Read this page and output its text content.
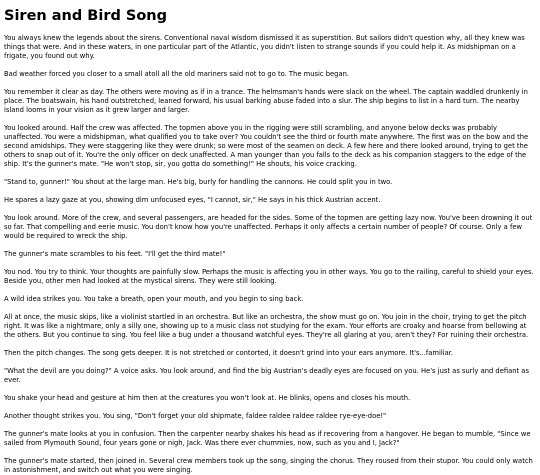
Siren and Bird Song

You always knew the legends about the sirens. Conventional naval wisdom dismissed it as superstition. But sailors didn't question why, all they knew was things that were. And in these waters, in one particular part of the Atlantic, you didn't listen to strange sounds if you could help it. As midshipman on a frigate, you found out why.

Bad weather forced you closer to a small atoll all the old mariners said not to go to. The music began.

You remember it clear as day. The others were moving as if in a trance. The helmsman's hands were slack on the wheel. The captain waddled drunkenly in place. The boatswain, his hand outstretched, leaned forward, his usual barking abuse faded into a slur. The ship begins to list in a hard turn. The nearby island looms in your vision as it grew larger and larger.

You looked around. Half the crew was affected. The topmen above you in the rigging were still scrambling, and anyone below decks was probably unaffected. You were a midshipman, what qualified you to take over? You couldn't see the third or fourth mate anywhere. The first was on the bow and the second amidships. They were staggering like they were drunk; so were most of the seamen on deck. A few here and there looked around, trying to get the others to snap out of it. You're the only officer on deck unaffected. A man younger than you falls to the deck as his companion staggers to the edge of the ship. It's the gunner's mate. "He won't stop, sir, you gotta do something!" He shouts, his voice cracking.

"Stand to, gunner!" You shout at the large man. He's big, burly for handling the cannons. He could split you in two.

He spares a lazy gaze at you, showing dim unfocused eyes, "I cannot, sir," He says in his thick Austrian accent.

You look around. More of the crew, and several passengers, are headed for the sides. Some of the topmen are getting lazy now. You've been drowning it out so far. That compelling and eerie music. You don't know how you're unaffected. Perhaps it only affects a certain number of people? Of course. Only a few would be required to wreck the ship.

The gunner's mate scrambles to his feet. "I'll get the third mate!"

You nod. You try to think. Your thoughts are painfully slow. Perhaps the music is affecting you in other ways. You go to the railing, careful to shield your eyes. Beside you, other men had looked at the mystical sirens. They were still looking.

A wild idea strikes you. You take a breath, open your mouth, and you begin to sing back.

All at once, the music skips, like a violinist startled in an orchestra. But like an orchestra, the show must go on. You join in the choir, trying to get the pitch right. It was like a nightmare, only a silly one, showing up to a music class not studying for the exam. Your efforts are croaky and hoarse from bellowing at the others. But you continue to sing. You feel like a bug under a thousand watchful eyes. They're all glaring at you, aren't they? For ruining their orchestra.

Then the pitch changes. The song gets deeper. It is not stretched or contorted, it doesn't grind into your ears anymore. It's...familiar.

"What the devil are you doing?" A voice asks. You look around, and find the big Austrian's deadly eyes are focused on you. He's just as surly and defiant as ever.

You shake your head and gesture at him then at the creatures you won't look at. He blinks, opens and closes his mouth.

Another thought strikes you. You sing, "Don't forget your old shipmate, faldee raldee raldee raldee rye-eye-doe!"

The gunner's mate looks at you in confusion. Then the carpenter nearby shakes his head as if recovering from a hangover. He began to mumble, "Since we sailed from Plymouth Sound, four years gone or nigh, Jack. Was there ever chummies, now, such as you and I, Jack?"

The gunner's mate started, then joined in. Several crew members took up the song, singing the chorus. They roused from their stupor. You could only watch in astonishment, and switch out what you were singing.
